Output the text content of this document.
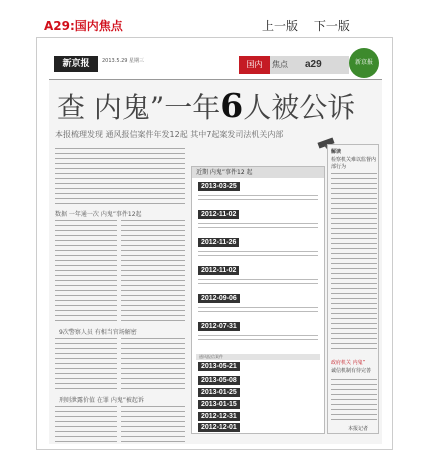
A29:国内焦点	上一版 下一版
新京报	2013.5.29 星期三	国内	焦点 a29	新京报
查 内鬼”一年6人被公诉
本报梳理发现 通风报信案件年发12起 其中7起案发司法机关内部
数据 一年通一次 内鬼”事件12起
9次警察人员 有相当官场解密
刑则泄露价值 在罪 内鬼”被起诉
近期 内鬼”事件12 起
2013-03-25
2012-11-02
2012-11-26
2012-11-02
2012-09-06
2012-07-31
通风报信案件
2013-05-21
2013-05-08
2013-01-25
2013-01-15
2012-12-31
2012-12-01
解读
检察机关难以监督内部行为
政府机关 内鬼”
诚信机制有待完善
本报记者
